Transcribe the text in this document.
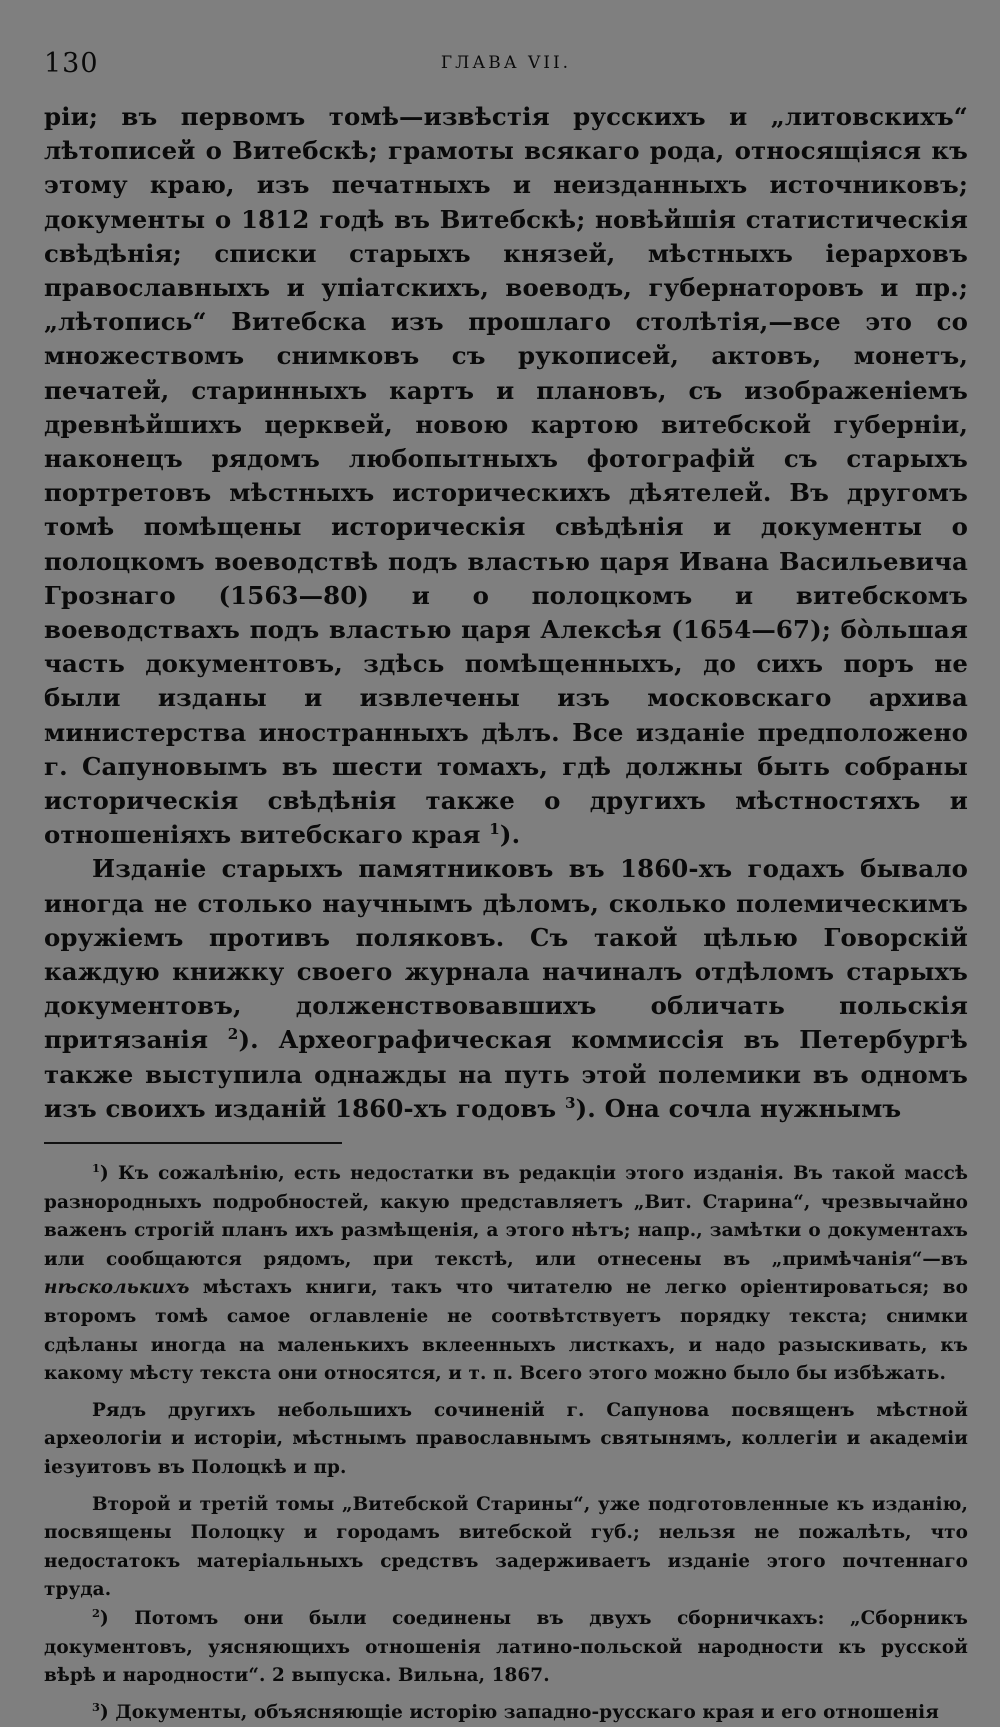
130	ГЛАВА VII.

ріи; въ первомъ томѣ—извѣстія русскихъ и „литовскихъ“ лѣтописей о Витебскѣ; грамоты всякаго рода, относящіяся къ этому краю, изъ печатныхъ и неизданныхъ источниковъ; документы о 1812 годѣ въ Витебскѣ; новѣйшія статистическія свѣдѣнія; списки старыхъ князей, мѣстныхъ іерарховъ православныхъ и упіатскихъ, воеводъ, губернаторовъ и пр.; „лѣтопись“ Витебска изъ прошлаго столѣтія,—все это со множествомъ снимковъ съ рукописей, актовъ, монетъ, печатей, старинныхъ картъ и плановъ, съ изображеніемъ древнѣйшихъ церквей, новою картою витебской губерніи, наконецъ рядомъ любопытныхъ фотографій съ старыхъ портретовъ мѣстныхъ историческихъ дѣятелей. Въ другомъ томѣ помѣщены историческія свѣдѣнія и документы о полоцкомъ воеводствѣ подъ властью царя Ивана Васильевича Грознаго (1563—80) и о полоцкомъ и витебскомъ воеводствахъ подъ властью царя Алексѣя (1654—67); бòльшая часть документовъ, здѣсь помѣщенныхъ, до сихъ поръ не были изданы и извлечены изъ московскаго архива министерства иностранныхъ дѣлъ. Все изданіе предположено г. Сапуновымъ въ шести томахъ, гдѣ должны быть собраны историческія свѣдѣнія также о другихъ мѣстностяхъ и отношеніяхъ витебскаго края $^1$).

Изданіе старыхъ памятниковъ въ 1860-хъ годахъ бывало иногда не столько научнымъ дѣломъ, сколько полемическимъ оружіемъ противъ поляковъ. Съ такой цѣлью Говорскій каждую книжку своего журнала начиналъ отдѣломъ старыхъ документовъ, долженствовавшихъ обличать польскія притязанія $^2$). Археографическая коммиссія въ Петербургѣ также выступила однажды на путь этой полемики въ одномъ изъ своихъ изданій 1860-хъ годовъ $^3$). Она сочла нужнымъ

$^1$) Къ сожалѣнію, есть недостатки въ редакціи этого изданія. Въ такой массѣ разнородныхъ подробностей, какую представляетъ „Вит. Старина“, чрезвычайно важенъ строгій планъ ихъ размѣщенія, а этого нѣтъ; напр., замѣтки о документахъ или сообщаются рядомъ, при текстѣ, или отнесены въ „примѣчанія“—въ нѣсколькихъ мѣстахъ книги, такъ что читателю не легко оріентироваться; во второмъ томѣ самое оглавленіе не соотвѣтствуетъ порядку текста; снимки сдѣланы иногда на маленькихъ вклеенныхъ листкахъ, и надо разыскивать, къ какому мѣсту текста они относятся, и т. п. Всего этого можно было бы избѣжать.

Рядъ другихъ небольшихъ сочиненій г. Сапунова посвященъ мѣстной археологіи и исторіи, мѣстнымъ православнымъ святынямъ, коллегіи и академіи іезуитовъ въ Полоцкѣ и пр.

Второй и третій томы „Витебской Старины“, уже подготовленные къ изданію, посвящены Полоцку и городамъ витебской губ.; нельзя не пожалѣть, что недостатокъ матеріальныхъ средствъ задерживаетъ изданіе этого почтеннаго труда.

$^2$) Потомъ они были соединены въ двухъ сборничкахъ: „Сборникъ документовъ, уясняющихъ отношенія латино-польской народности къ русской вѣрѣ и народности“. 2 выпуска. Вильна, 1867.

$^3$) Документы, объясняющіе исторію западно-русскаго края и его отношенія
